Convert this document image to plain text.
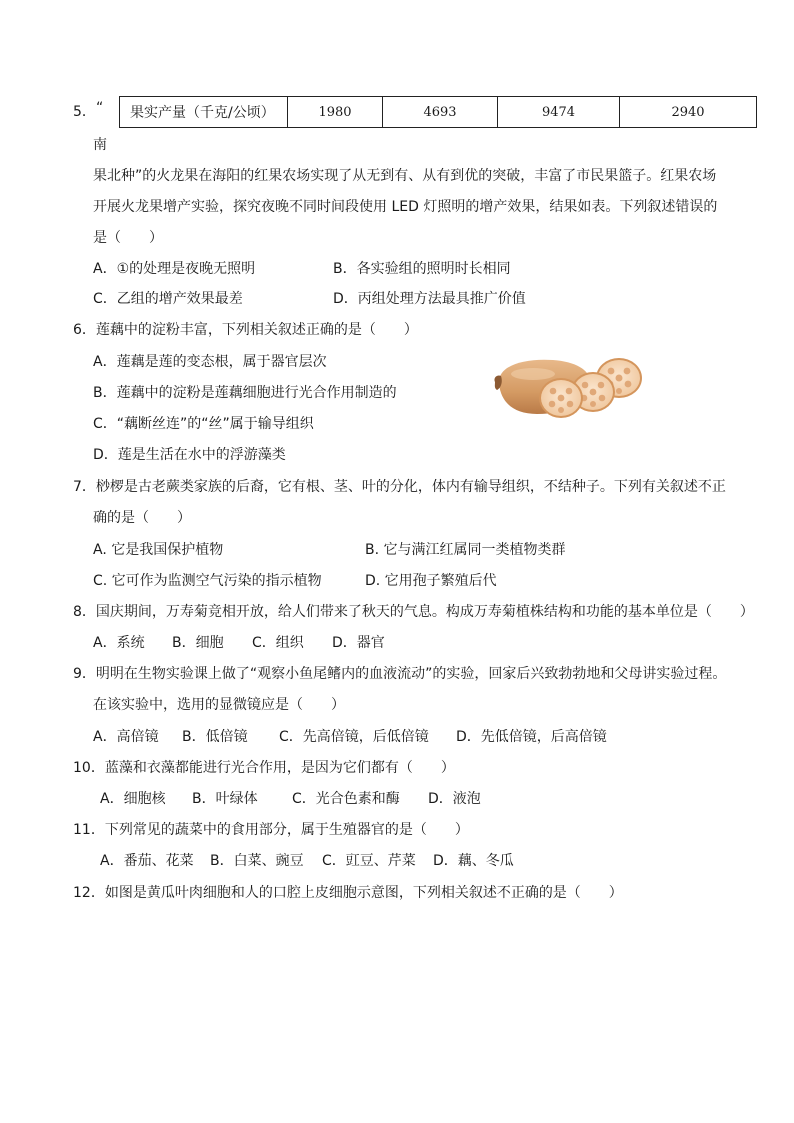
5． “ 果实产量（千克/公顷）	1980	4693	9474	2940
南
果北种”的火龙果在海阳的红果农场实现了从无到有、从有到优的突破，丰富了市民果篮子。红果农场
开展火龙果增产实验，探究夜晚不同时间段使用 LED 灯照明的增产效果，结果如表。下列叙述错误的
是（　　）
A．①的处理是夜晚无照明	B．各实验组的照明时长相同
C．乙组的增产效果最差	D．丙组处理方法最具推广价值
6．莲藕中的淀粉丰富，下列相关叙述正确的是（　　）
A．莲藕是莲的变态根，属于器官层次
B．莲藕中的淀粉是莲藕细胞进行光合作用制造的
C．“藕断丝连”的“丝”属于输导组织
D．莲是生活在水中的浮游藻类
7．桫椤是古老蕨类家族的后裔，它有根、茎、叶的分化，体内有输导组织，不结种子。下列有关叙述不正
确的是（　　）
A. 它是我国保护植物	B. 它与满江红属同一类植物类群
C. 它可作为监测空气污染的指示植物	D. 它用孢子繁殖后代
8．国庆期间，万寿菊竞相开放，给人们带来了秋天的气息。构成万寿菊植株结构和功能的基本单位是（　　）
A．系统 B．细胞 C．组织 D．器官
9．明明在生物实验课上做了“观察小鱼尾鳍内的血液流动”的实验，回家后兴致勃勃地和父母讲实验过程。
在该实验中，选用的显微镜应是（　　）
A．高倍镜 B．低倍镜 C．先高倍镜，后低倍镜 D．先低倍镜，后高倍镜
10．蓝藻和衣藻都能进行光合作用，是因为它们都有（　　）
A．细胞核 B．叶绿体 C．光合色素和酶 D．液泡
11．下列常见的蔬菜中的食用部分，属于生殖器官的是（　　）
A．番茄、花菜 B．白菜、豌豆 C．豇豆、芹菜 D．藕、冬瓜
12．如图是黄瓜叶肉细胞和人的口腔上皮细胞示意图，下列相关叙述不正确的是（　　）
